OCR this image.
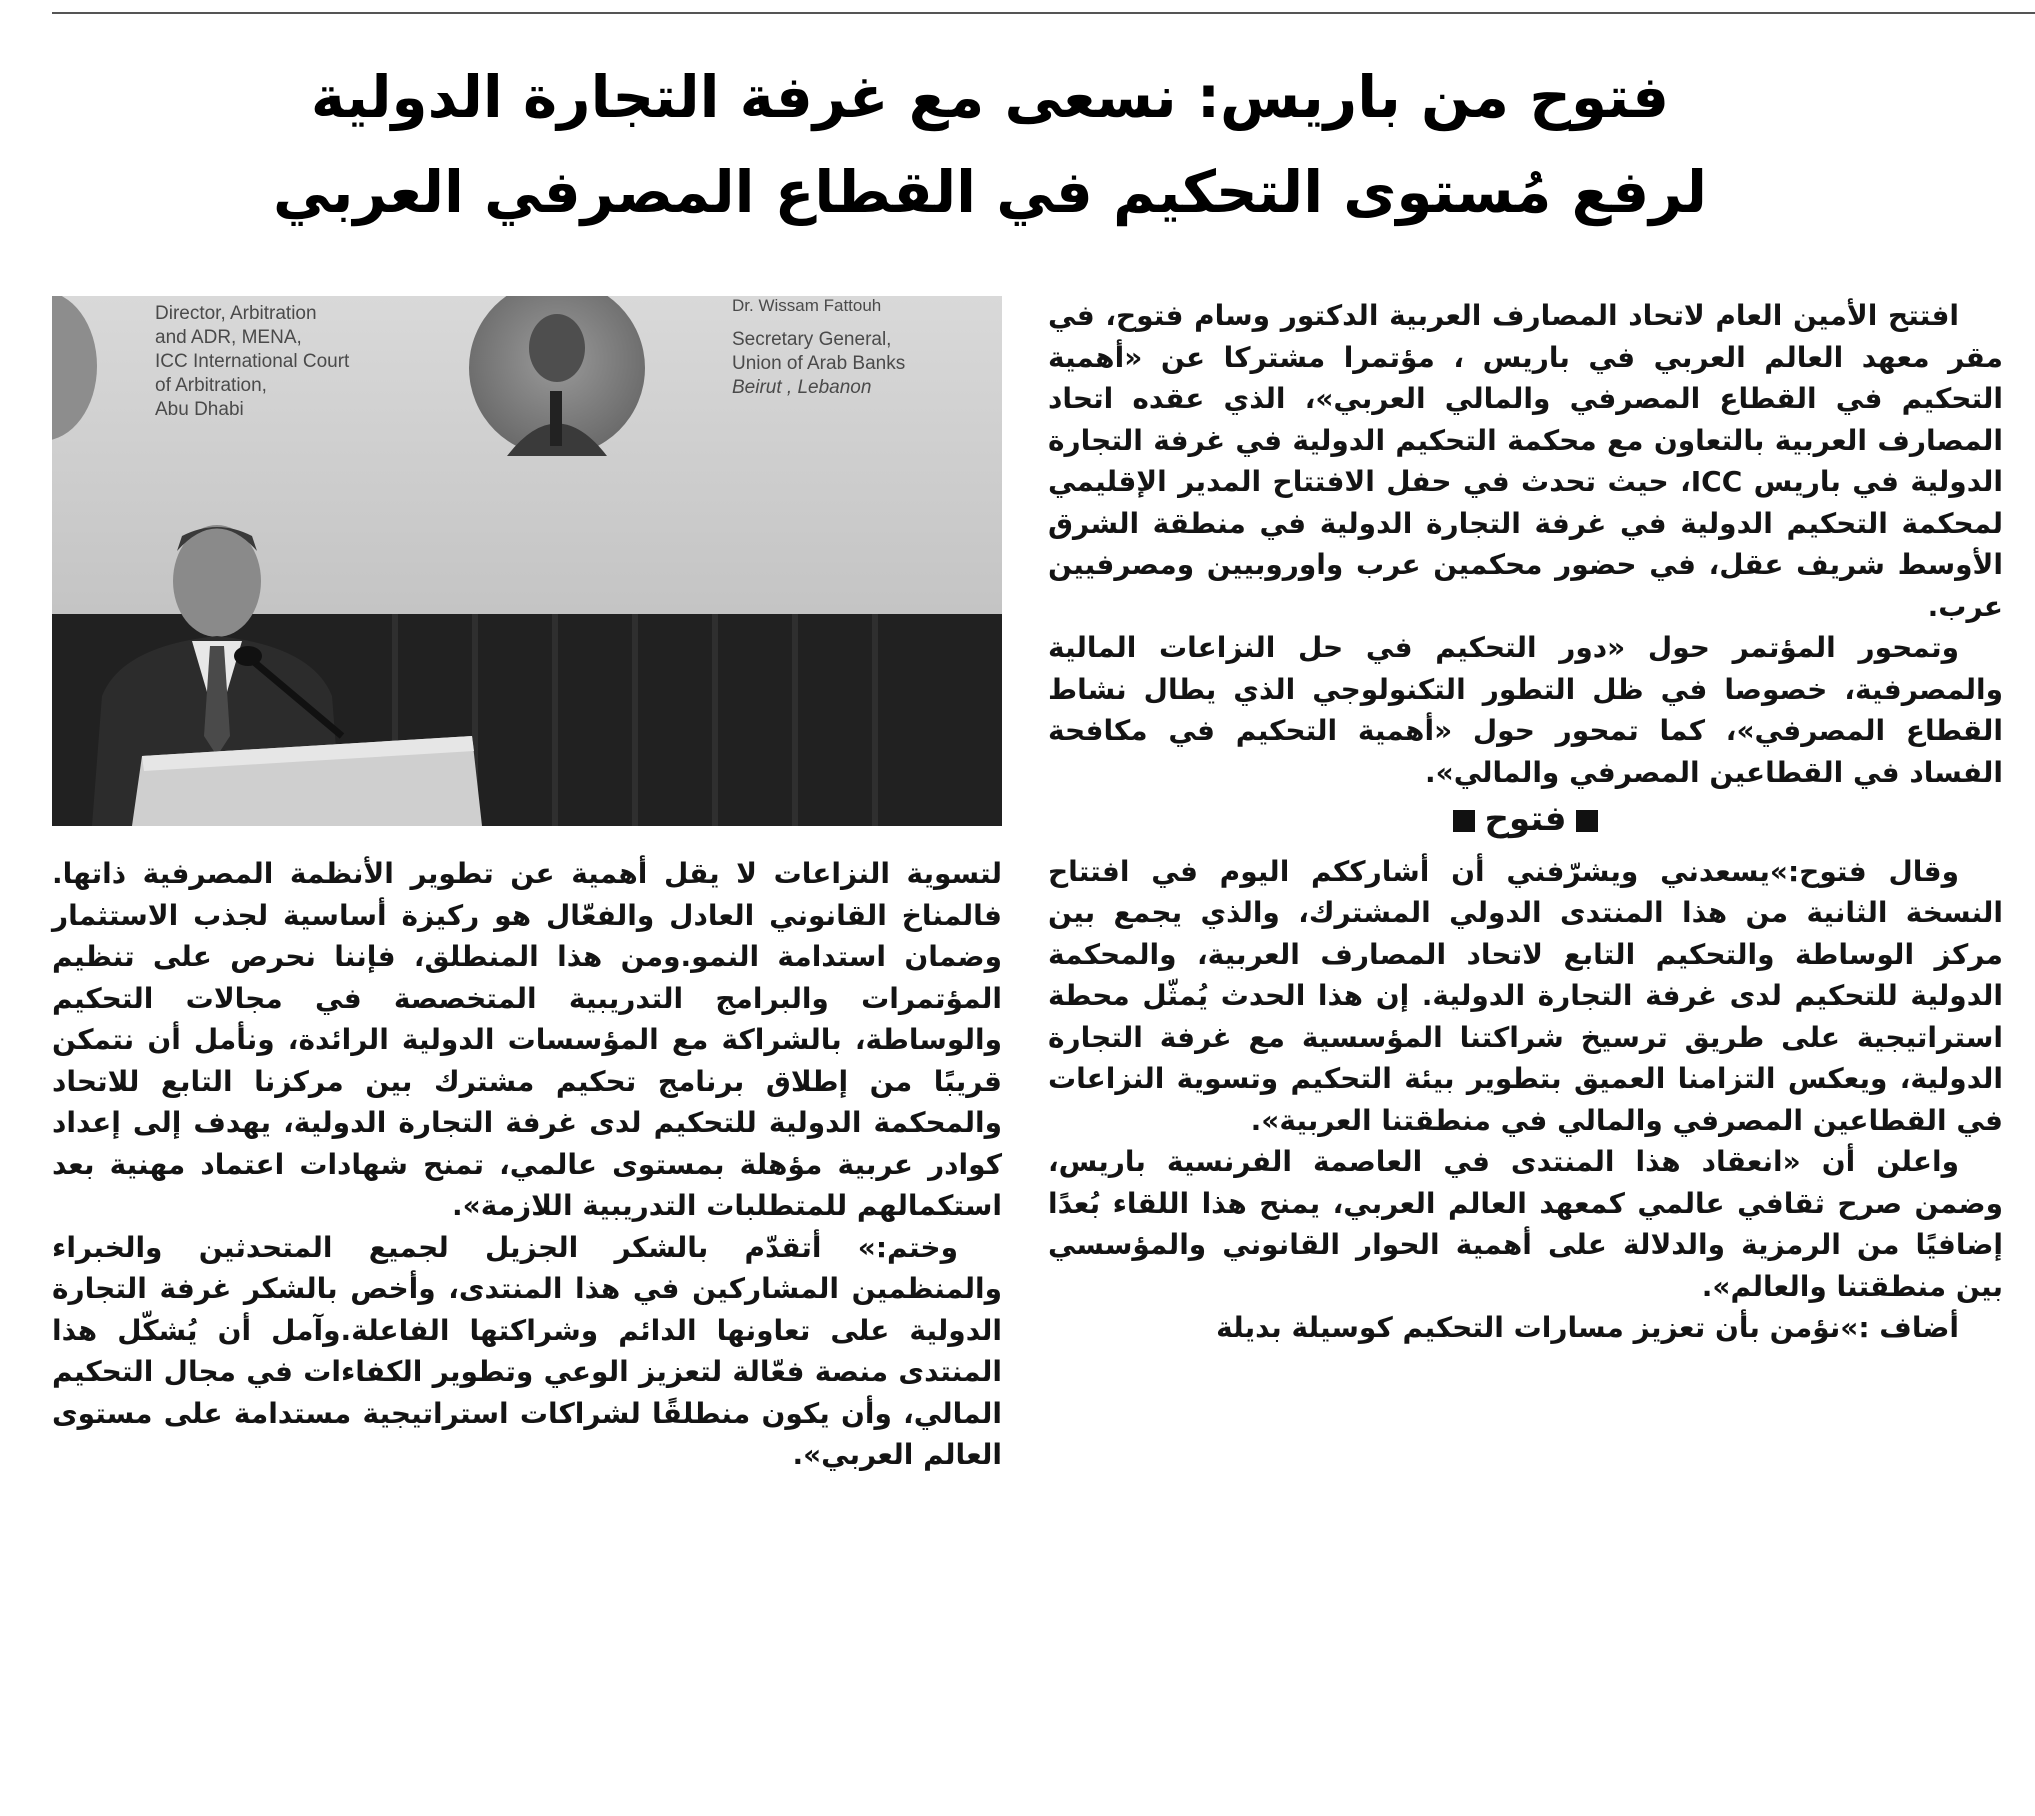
فتوح من باريس: نسعى مع غرفة التجارة الدولية
لرفع مُستوى التحكيم في القطاع المصرفي العربي
Director, Arbitration
and ADR, MENA,
ICC International Court
of Arbitration,
Abu Dhabi
Dr. Wissam Fattouh
Secretary General,
Union of Arab Banks
Beirut , Lebanon

افتتح الأمين العام لاتحاد المصارف العربية الدكتور وسام فتوح، في مقر معهد العالم العربي في باريس ، مؤتمرا مشتركا عن «أهمية التحكيم في القطاع المصرفي والمالي العربي»، الذي عقده اتحاد المصارف العربية بالتعاون مع محكمة التحكيم الدولية في غرفة التجارة الدولية في باريس ICC، حيث تحدث في حفل الافتتاح المدير الإقليمي لمحكمة التحكيم الدولية في غرفة التجارة الدولية في منطقة الشرق الأوسط شريف عقل، في حضور محكمين عرب واوروبيين ومصرفيين عرب.

وتمحور المؤتمر حول «دور التحكيم في حل النزاعات المالية والمصرفية، خصوصا في ظل التطور التكنولوجي الذي يطال نشاط القطاع المصرفي»، كما تمحور حول «أهمية التحكيم في مكافحة الفساد في القطاعين المصرفي والمالي».

فتوح

وقال فتوح:»يسعدني ويشرّفني أن أشارككم اليوم في افتتاح النسخة الثانية من هذا المنتدى الدولي المشترك، والذي يجمع بين مركز الوساطة والتحكيم التابع لاتحاد المصارف العربية، والمحكمة الدولية للتحكيم لدى غرفة التجارة الدولية. إن هذا الحدث يُمثّل محطة استراتيجية على طريق ترسيخ شراكتنا المؤسسية مع غرفة التجارة الدولية، ويعكس التزامنا العميق بتطوير بيئة التحكيم وتسوية النزاعات في القطاعين المصرفي والمالي في منطقتنا العربية».

واعلن أن «انعقاد هذا المنتدى في العاصمة الفرنسية باريس، وضمن صرح ثقافي عالمي كمعهد العالم العربي، يمنح هذا اللقاء بُعدًا إضافيًا من الرمزية والدلالة على أهمية الحوار القانوني والمؤسسي بين منطقتنا والعالم».

أضاف :»نؤمن بأن تعزيز مسارات التحكيم كوسيلة بديلة

لتسوية النزاعات لا يقل أهمية عن تطوير الأنظمة المصرفية ذاتها. فالمناخ القانوني العادل والفعّال هو ركيزة أساسية لجذب الاستثمار وضمان استدامة النمو.ومن هذا المنطلق، فإننا نحرص على تنظيم المؤتمرات والبرامج التدريبية المتخصصة في مجالات التحكيم والوساطة، بالشراكة مع المؤسسات الدولية الرائدة، ونأمل أن نتمكن قريبًا من إطلاق برنامج تحكيم مشترك بين مركزنا التابع للاتحاد والمحكمة الدولية للتحكيم لدى غرفة التجارة الدولية، يهدف إلى إعداد كوادر عربية مؤهلة بمستوى عالمي، تمنح شهادات اعتماد مهنية بعد استكمالهم للمتطلبات التدريبية اللازمة».

وختم:» أتقدّم بالشكر الجزيل لجميع المتحدثين والخبراء والمنظمين المشاركين في هذا المنتدى، وأخص بالشكر غرفة التجارة الدولية على تعاونها الدائم وشراكتها الفاعلة.وآمل أن يُشكّل هذا المنتدى منصة فعّالة لتعزيز الوعي وتطوير الكفاءات في مجال التحكيم المالي، وأن يكون منطلقًا لشراكات استراتيجية مستدامة على مستوى العالم العربي».
